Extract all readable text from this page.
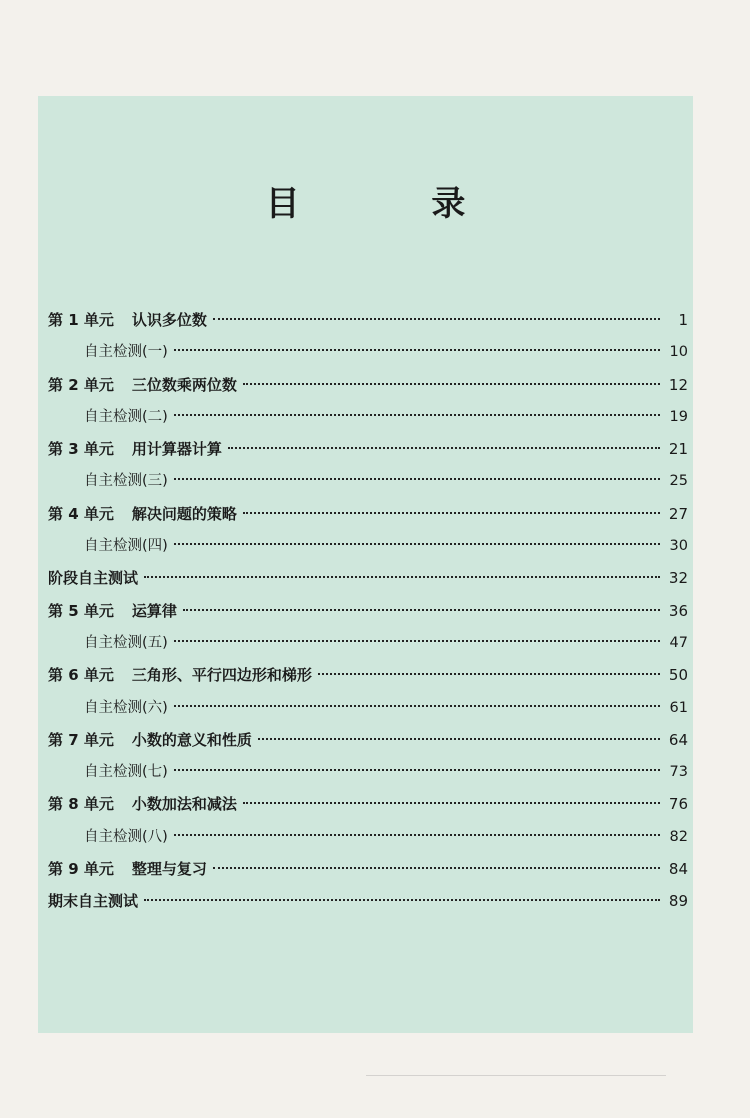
目 录
第 1 单元 认识多位数	1
自主检测(一)	10
第 2 单元 三位数乘两位数	12
自主检测(二)	19
第 3 单元 用计算器计算	21
自主检测(三)	25
第 4 单元 解决问题的策略	27
自主检测(四)	30
阶段自主测试	32
第 5 单元 运算律	36
自主检测(五)	47
第 6 单元 三角形、平行四边形和梯形	50
自主检测(六)	61
第 7 单元 小数的意义和性质	64
自主检测(七)	73
第 8 单元 小数加法和减法	76
自主检测(八)	82
第 9 单元 整理与复习	84
期末自主测试	89
